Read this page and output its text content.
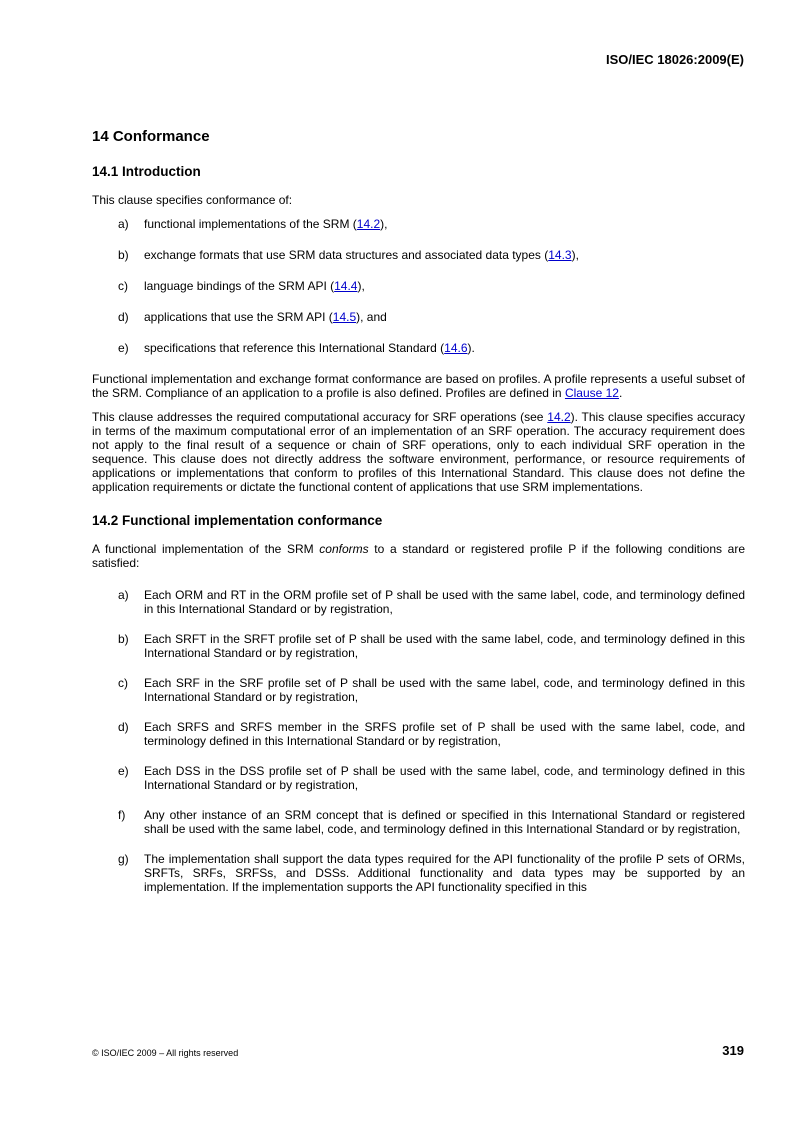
ISO/IEC 18026:2009(E)
14 Conformance
14.1 Introduction

This clause specifies conformance of:

a) functional implementations of the SRM (14.2),
b) exchange formats that use SRM data structures and associated data types (14.3),
c) language bindings of the SRM API (14.4),
d) applications that use the SRM API (14.5), and
e) specifications that reference this International Standard (14.6).

Functional implementation and exchange format conformance are based on profiles. A profile represents a useful subset of the SRM. Compliance of an application to a profile is also defined. Profiles are defined in Clause 12.

This clause addresses the required computational accuracy for SRF operations (see 14.2). This clause specifies accuracy in terms of the maximum computational error of an implementation of an SRF operation. The accuracy requirement does not apply to the final result of a sequence or chain of SRF operations, only to each individual SRF operation in the sequence. This clause does not directly address the software environment, performance, or resource requirements of applications or implementations that conform to profiles of this International Standard. This clause does not define the application requirements or dictate the functional content of applications that use SRM implementations.

14.2 Functional implementation conformance

A functional implementation of the SRM conforms to a standard or registered profile P if the following conditions are satisfied:

a) Each ORM and RT in the ORM profile set of P shall be used with the same label, code, and terminology defined in this International Standard or by registration,
b) Each SRFT in the SRFT profile set of P shall be used with the same label, code, and terminology defined in this International Standard or by registration,
c) Each SRF in the SRF profile set of P shall be used with the same label, code, and terminology defined in this International Standard or by registration,
d) Each SRFS and SRFS member in the SRFS profile set of P shall be used with the same label, code, and terminology defined in this International Standard or by registration,
e) Each DSS in the DSS profile set of P shall be used with the same label, code, and terminology defined in this International Standard or by registration,
f) Any other instance of an SRM concept that is defined or specified in this International Standard or registered shall be used with the same label, code, and terminology defined in this International Standard or by registration,
g) The implementation shall support the data types required for the API functionality of the profile P sets of ORMs, SRFTs, SRFs, SRFSs, and DSSs. Additional functionality and data types may be supported by an implementation. If the implementation supports the API functionality specified in this
© ISO/IEC 2009 – All rights reserved	319
